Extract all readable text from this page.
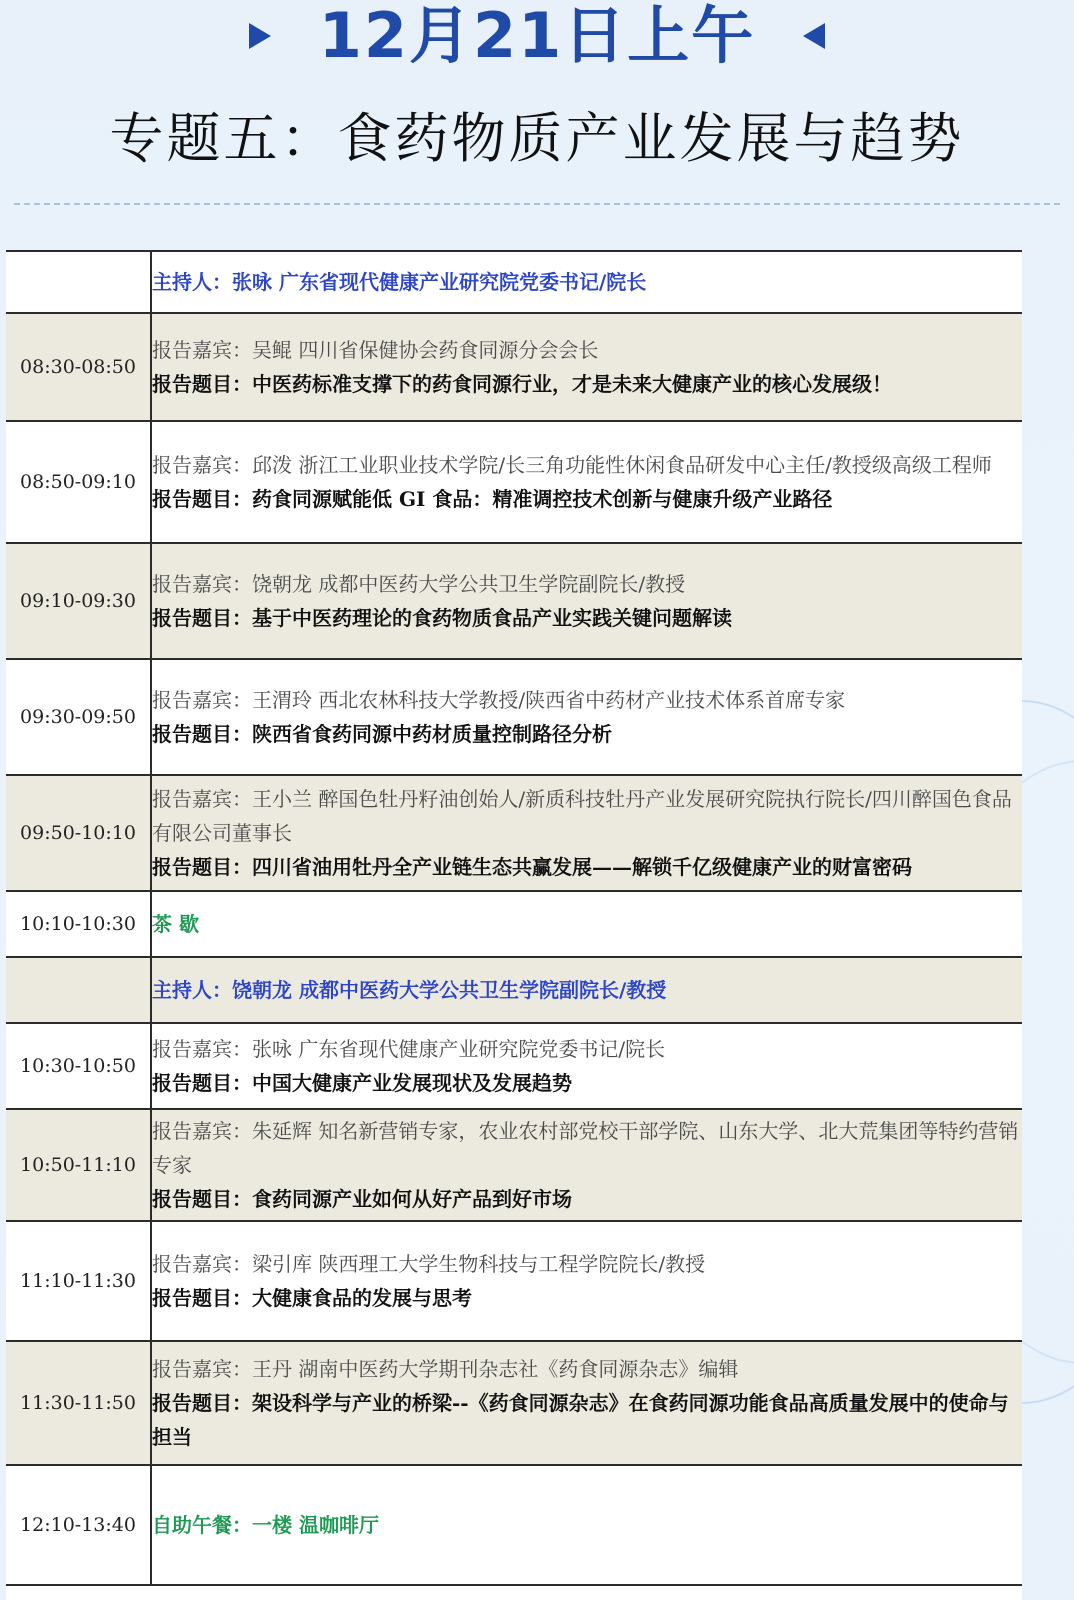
12月21日上午
专题五：食药物质产业发展与趋势
	主持人：张咏 广东省现代健康产业研究院党委书记/院长
08:30-08:50	报告嘉宾：吴鲲 四川省保健协会药食同源分会会长
报告题目：中医药标准支撑下的药食同源行业，才是未来大健康产业的核心发展级！

08:50-09:10	报告嘉宾：邱泼 浙江工业职业技术学院/长三角功能性休闲食品研发中心主任/教授级高级工程师
报告题目：药食同源赋能低 GI 食品：精准调控技术创新与健康升级产业路径

09:10-09:30	报告嘉宾：饶朝龙 成都中医药大学公共卫生学院副院长/教授
报告题目：基于中医药理论的食药物质食品产业实践关键问题解读

09:30-09:50	报告嘉宾：王渭玲 西北农林科技大学教授/陕西省中药材产业技术体系首席专家
报告题目：陕西省食药同源中药材质量控制路径分析

09:50-10:10	报告嘉宾：王小兰 醉国色牡丹籽油创始人/新质科技牡丹产业发展研究院执行院长/四川醉国色食品有限公司董事长
报告题目：四川省油用牡丹全产业链生态共赢发展——解锁千亿级健康产业的财富密码

10:10-10:30	茶 歇
	主持人：饶朝龙 成都中医药大学公共卫生学院副院长/教授
10:30-10:50	报告嘉宾：张咏 广东省现代健康产业研究院党委书记/院长
报告题目：中国大健康产业发展现状及发展趋势

10:50-11:10	报告嘉宾：朱延辉 知名新营销专家，农业农村部党校干部学院、山东大学、北大荒集团等特约营销专家
报告题目：食药同源产业如何从好产品到好市场

11:10-11:30	报告嘉宾：梁引库 陕西理工大学生物科技与工程学院院长/教授
报告题目：大健康食品的发展与思考

11:30-11:50	报告嘉宾：王丹 湖南中医药大学期刊杂志社《药食同源杂志》编辑
报告题目：架设科学与产业的桥梁--《药食同源杂志》在食药同源功能食品高质量发展中的使命与担当

12:10-13:40	自助午餐：一楼 温咖啡厅
